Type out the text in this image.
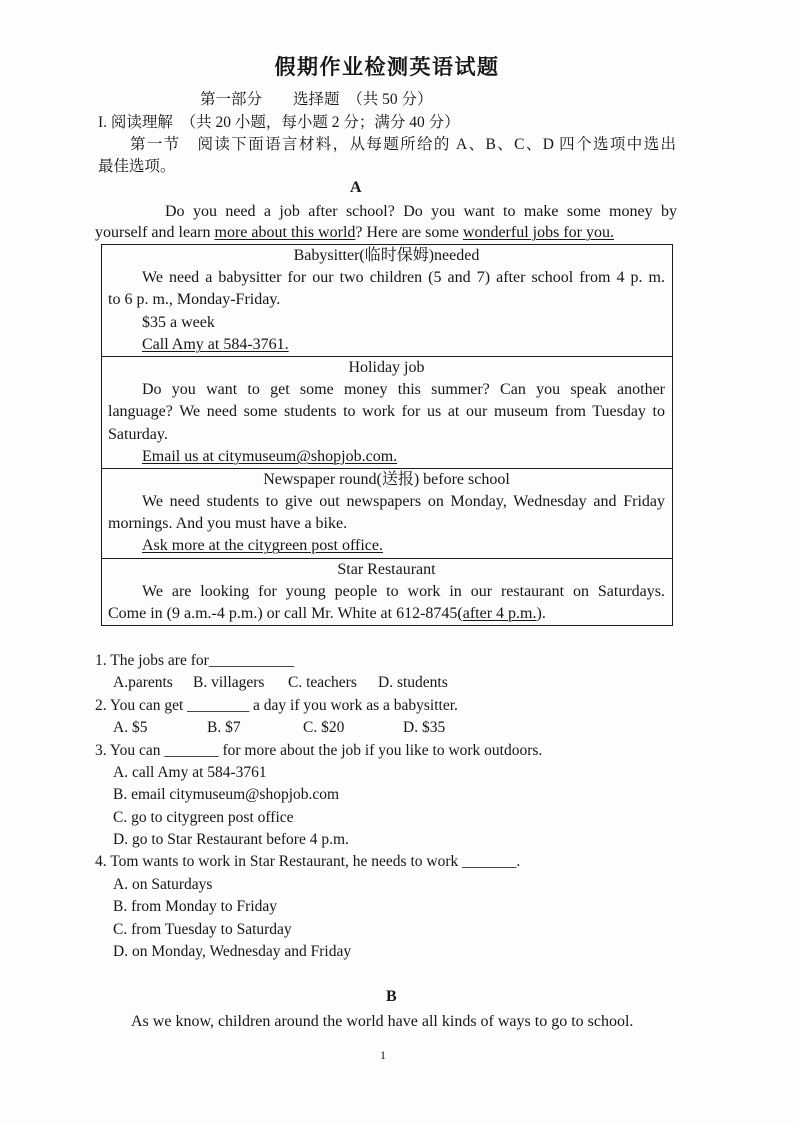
假期作业检测英语试题
第一部分　　选择题　（共 50 分）
I. 阅读理解　（共 20 小题，每小题 2 分；满分 40 分）
第一节　阅读下面语言材料，从每题所给的 A、B、C、D 四个选项中选出
最佳选项。
A
Do you need a job after school? Do you want to make some money by
yourself and learn more about this world? Here are some wonderful jobs for you.
Babysitter(临时保姆)needed
We need a babysitter for our two children (5 and 7) after school from 4 p. m.
to 6 p. m., Monday-Friday.
$35 a week
Call Amy at 584-3761.
Holiday job
Do you want to get some money this summer? Can you speak another
language? We need some students to work for us at our museum from Tuesday to
Saturday.
Email us at citymuseum@shopjob.com.
Newspaper round(送报) before school
We need students to give out newspapers on Monday, Wednesday and Friday
mornings. And you must have a bike.
Ask more at the citygreen post office.
Star Restaurant
We are looking for young people to work in our restaurant on Saturdays.
Come in (9 a.m.-4 p.m.) or call Mr. White at 612-8745(after 4 p.m.).
1. The jobs are for___________
A.parents B. villagers C. teachers D. students
2. You can get ________ a day if you work as a babysitter.
A. $5	B. $7	C. $20	D. $35
3. You can _______ for more about the job if you like to work outdoors.
A. call Amy at 584-3761
B. email citymuseum@shopjob.com
C. go to citygreen post office
D. go to Star Restaurant before 4 p.m.
4. Tom wants to work in Star Restaurant, he needs to work _______.
A. on Saturdays
B. from Monday to Friday
C. from Tuesday to Saturday
D. on Monday, Wednesday and Friday
B
As we know, children around the world have all kinds of ways to go to school.
1
